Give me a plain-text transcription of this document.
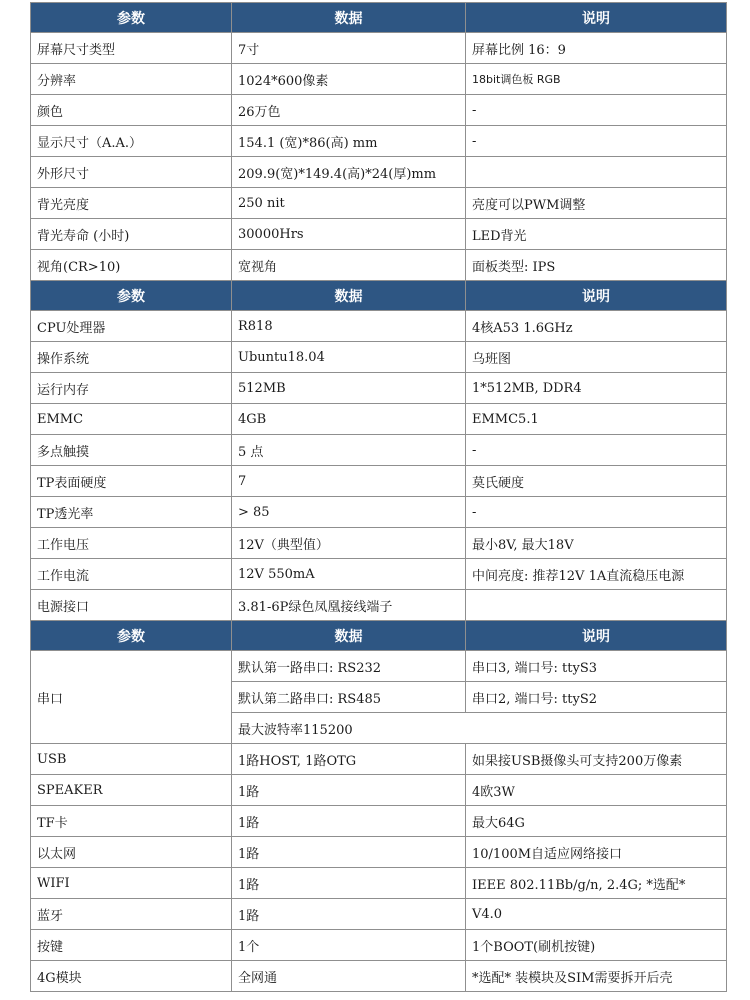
参数	数据	说明
屏幕尺寸类型	7寸	屏幕比例 16：9
分辨率	1024*600像素	18bit调色板 RGB
颜色	26万色	-
显示尺寸（A.A.）	154.1 (宽)*86(高) mm	-
外形尺寸	209.9(宽)*149.4(高)*24(厚)mm	
背光亮度	250 nit	亮度可以PWM调整
背光寿命 (小时)	30000Hrs	LED背光
视角(CR>10)	宽视角	面板类型: IPS
参数	数据	说明
CPU处理器	R818	4核A53 1.6GHz
操作系统	Ubuntu18.04	乌班图
运行内存	512MB	1*512MB, DDR4
EMMC	4GB	EMMC5.1
多点触摸	5 点	-
TP表面硬度	7	莫氏硬度
TP透光率	> 85	-
工作电压	12V（典型值）	最小8V, 最大18V
工作电流	12V 550mA	中间亮度: 推荐12V 1A直流稳压电源
电源接口	3.81-6P绿色凤凰接线端子	
参数	数据	说明
串口	默认第一路串口: RS232	串口3, 端口号: ttyS3
	默认第二路串口: RS485	串口2, 端口号: ttyS2
	最大波特率115200	
USB	1路HOST, 1路OTG	如果接USB摄像头可支持200万像素
SPEAKER	1路	4欧3W
TF卡	1路	最大64G
以太网	1路	10/100M自适应网络接口
WIFI	1路	IEEE 802.11Bb/g/n, 2.4G; *选配*
蓝牙	1路	V4.0
按键	1个	1个BOOT(刷机按键)
4G模块	全网通	*选配* 装模块及SIM需要拆开后壳
